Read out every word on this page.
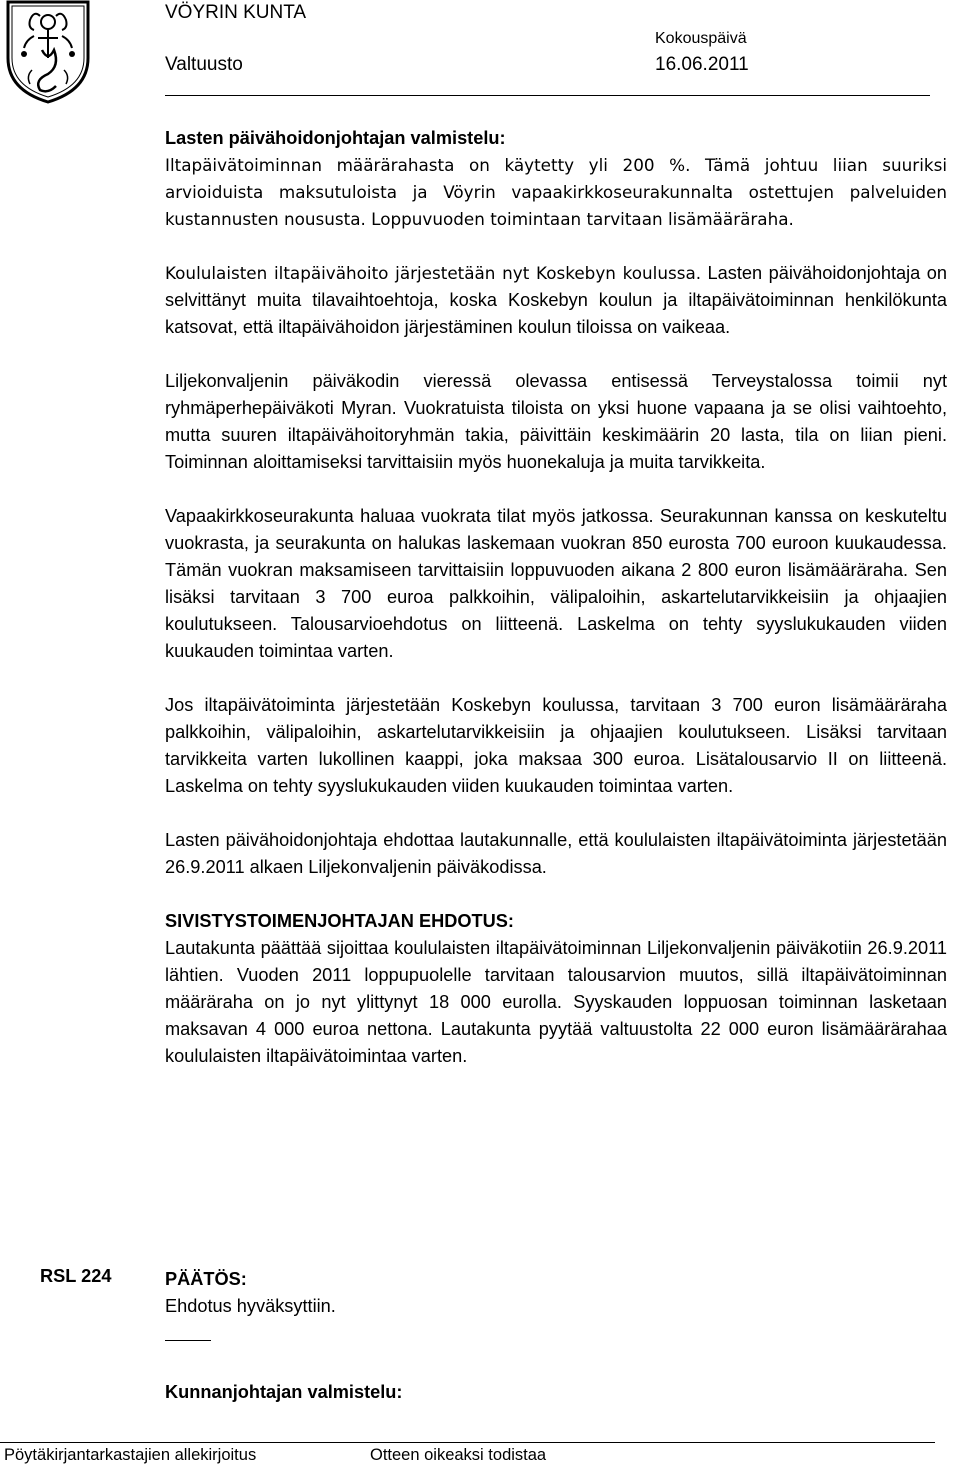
VÖYRIN KUNTA
Valtuusto
Kokouspäivä
16.06.2011

Lasten päivähoidonjohtajan valmistelu:

Iltapäivätoiminnan määrärahasta on käytetty yli 200 %. Tämä johtuu liian suuriksi arvioiduista maksutuloista ja Vöyrin vapaakirkkoseurakunnalta ostettujen palveluiden kustannusten noususta. Loppuvuoden toimintaan tarvitaan lisämääräraha.

Koululaisten iltapäivähoito järjestetään nyt Koskebyn koulussa. Lasten päivähoidonjohtaja on selvittänyt muita tilavaihtoehtoja, koska Koskebyn koulun ja iltapäivätoiminnan henkilökunta katsovat, että iltapäivähoidon järjestäminen koulun tiloissa on vaikeaa.

Liljekonvaljenin päiväkodin vieressä olevassa entisessä Terveystalossa toimii nyt ryhmäperhepäiväkoti Myran. Vuokratuista tiloista on yksi huone vapaana ja se olisi vaihtoehto, mutta suuren iltapäivähoitoryhmän takia, päivittäin keskimäärin 20 lasta, tila on liian pieni. Toiminnan aloittamiseksi tarvittaisiin myös huonekaluja ja muita tarvikkeita.

Vapaakirkkoseurakunta haluaa vuokrata tilat myös jatkossa. Seurakunnan kanssa on keskuteltu vuokrasta, ja seurakunta on halukas laskemaan vuokran 850 eurosta 700 euroon kuukaudessa. Tämän vuokran maksamiseen tarvittaisiin loppuvuoden aikana 2 800 euron lisämääräraha. Sen lisäksi tarvitaan 3 700 euroa palkkoihin, välipaloihin, askartelutarvikkeisiin ja ohjaajien koulutukseen. Talousarvioehdotus on liitteenä. Laskelma on tehty syyslukukauden viiden kuukauden toimintaa varten.

Jos iltapäivätoiminta järjestetään Koskebyn koulussa, tarvitaan 3 700 euron lisämääräraha palkkoihin, välipaloihin, askartelutarvikkeisiin ja ohjaajien koulutukseen. Lisäksi tarvitaan tarvikkeita varten lukollinen kaappi, joka maksaa 300 euroa. Lisätalousarvio II on liitteenä. Laskelma on tehty syyslukukauden viiden kuukauden toimintaa varten.

Lasten päivähoidonjohtaja ehdottaa lautakunnalle, että koululaisten iltapäivätoiminta järjestetään 26.9.2011 alkaen Liljekonvaljenin päiväkodissa.

SIVISTYSTOIMENJOHTAJAN EHDOTUS:

Lautakunta päättää sijoittaa koululaisten iltapäivätoiminnan Liljekonvaljenin päiväkotiin 26.9.2011 lähtien. Vuoden 2011 loppupuolelle tarvitaan talousarvion muutos, sillä iltapäivätoiminnan määräraha on jo nyt ylittynyt 18 000 eurolla. Syyskauden loppuosan toiminnan lasketaan maksavan 4 000 euroa nettona. Lautakunta pyytää valtuustolta 22 000 euron lisämäärärahaa koululaisten iltapäivätoimintaa varten.

RSL 224	PÄÄTÖS:
Ehdotus hyväksyttiin.
Kunnanjohtajan valmistelu:
Pöytäkirjantarkastajien allekirjoitus	Otteen oikeaksi todistaa
